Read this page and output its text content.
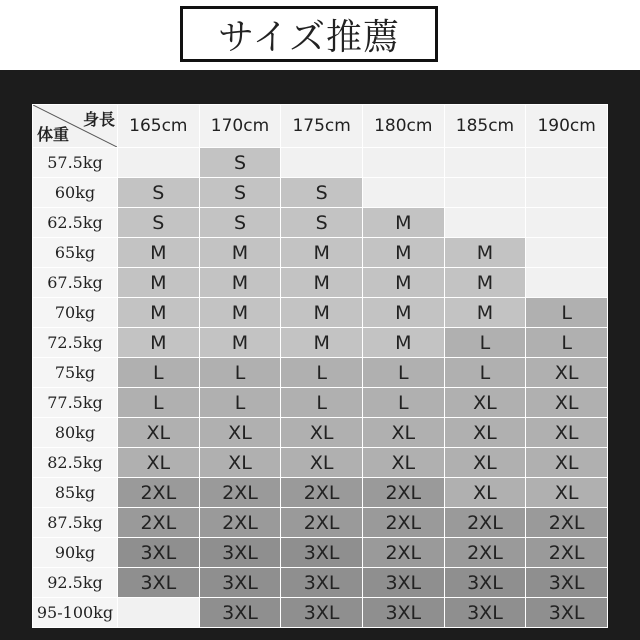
サイズ推薦
身長
体重	165cm	170cm	175cm	180cm	185cm	190cm
57.5kg		S				
60kg	S	S	S			
62.5kg	S	S	S	M		
65kg	M	M	M	M	M	
67.5kg	M	M	M	M	M	
70kg	M	M	M	M	M	L
72.5kg	M	M	M	M	L	L
75kg	L	L	L	L	L	XL
77.5kg	L	L	L	L	XL	XL
80kg	XL	XL	XL	XL	XL	XL
82.5kg	XL	XL	XL	XL	XL	XL
85kg	2XL	2XL	2XL	2XL	XL	XL
87.5kg	2XL	2XL	2XL	2XL	2XL	2XL
90kg	3XL	3XL	3XL	2XL	2XL	2XL
92.5kg	3XL	3XL	3XL	3XL	3XL	3XL
95-100kg		3XL	3XL	3XL	3XL	3XL
